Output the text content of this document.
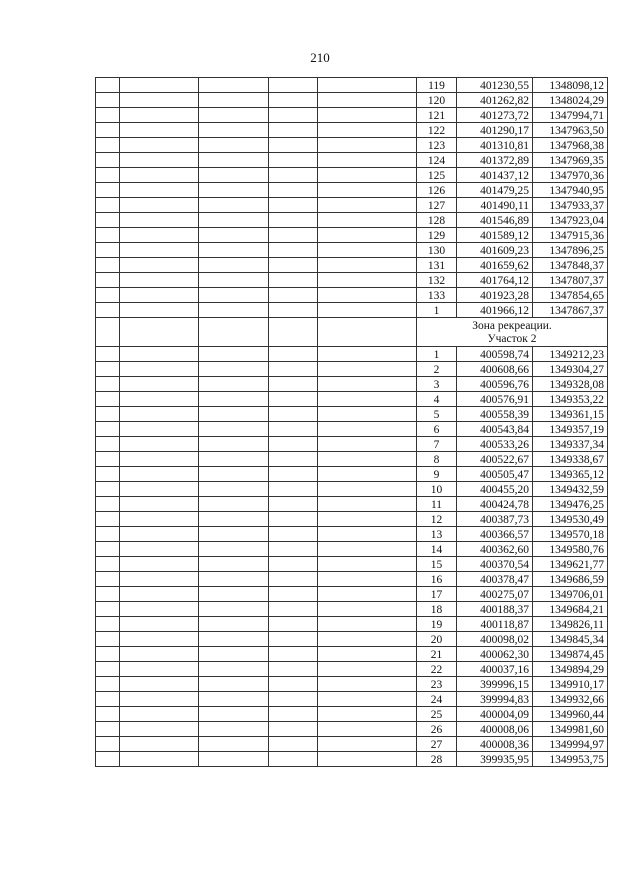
210
					119	401230,55	1348098,12
					120	401262,82	1348024,29
					121	401273,72	1347994,71
					122	401290,17	1347963,50
					123	401310,81	1347968,38
					124	401372,89	1347969,35
					125	401437,12	1347970,36
					126	401479,25	1347940,95
					127	401490,11	1347933,37
					128	401546,89	1347923,04
					129	401589,12	1347915,36
					130	401609,23	1347896,25
					131	401659,62	1347848,37
					132	401764,12	1347807,37
					133	401923,28	1347854,65
					1	401966,12	1347867,37

					Зона рекреации.
Участок 2		

					1	400598,74	1349212,23
					2	400608,66	1349304,27
					3	400596,76	1349328,08
					4	400576,91	1349353,22
					5	400558,39	1349361,15
					6	400543,84	1349357,19
					7	400533,26	1349337,34
					8	400522,67	1349338,67
					9	400505,47	1349365,12
					10	400455,20	1349432,59
					11	400424,78	1349476,25
					12	400387,73	1349530,49
					13	400366,57	1349570,18
					14	400362,60	1349580,76
					15	400370,54	1349621,77
					16	400378,47	1349686,59
					17	400275,07	1349706,01
					18	400188,37	1349684,21
					19	400118,87	1349826,11
					20	400098,02	1349845,34
					21	400062,30	1349874,45
					22	400037,16	1349894,29
					23	399996,15	1349910,17
					24	399994,83	1349932,66
					25	400004,09	1349960,44
					26	400008,06	1349981,60
					27	400008,36	1349994,97
					28	399935,95	1349953,75
